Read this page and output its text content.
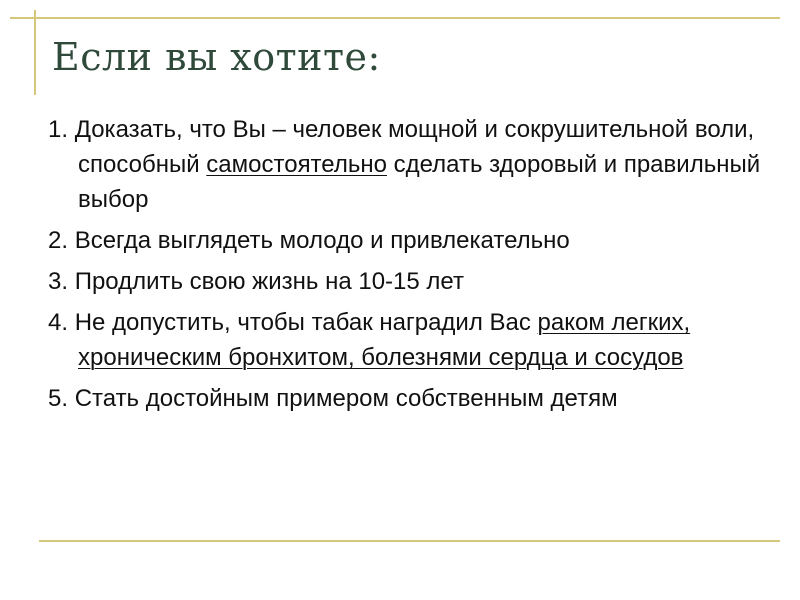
Если вы хотите:
1. Доказать, что Вы – человек мощной и сокрушительной воли, способный самостоятельно сделать здоровый и правильный выбор
2. Всегда выглядеть молодо и привлекательно
3. Продлить свою жизнь на 10-15 лет
4. Не допустить, чтобы табак наградил Вас раком легких, хроническим бронхитом, болезнями сердца и сосудов
5. Стать достойным примером собственным детям
